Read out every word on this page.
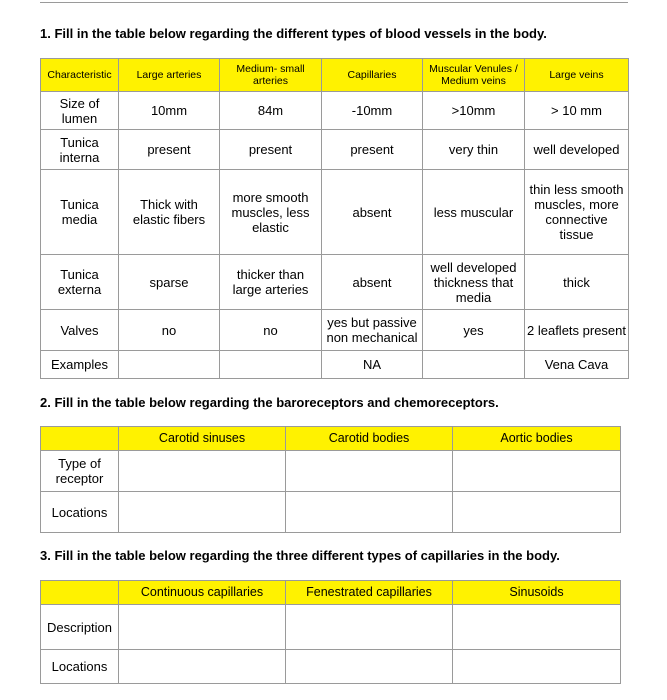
1. Fill in the table below regarding the different types of blood vessels in the body.
Characteristic	Large arteries	Medium- small arteries	Capillaries	Muscular Venules / Medium veins	Large veins
Size of lumen	10mm	84m	-10mm	>10mm	> 10 mm
Tunica interna	present	present	present	very thin	well developed
Tunica media	Thick with elastic fibers	more smooth muscles, less elastic	absent	less muscular	thin less smooth muscles, more connective tissue
Tunica externa	sparse	thicker than large arteries	absent	well developed thickness that media	thick
Valves	no	no	yes but passive non mechanical	yes	2 leaflets present
Examples			NA		Vena Cava
2. Fill in the table below regarding the baroreceptors and chemoreceptors.
	Carotid sinuses	Carotid bodies	Aortic bodies
Type of receptor			
Locations			
3. Fill in the table below regarding the three different types of capillaries in the body.
	Continuous capillaries	Fenestrated capillaries	Sinusoids
Description			
Locations			
